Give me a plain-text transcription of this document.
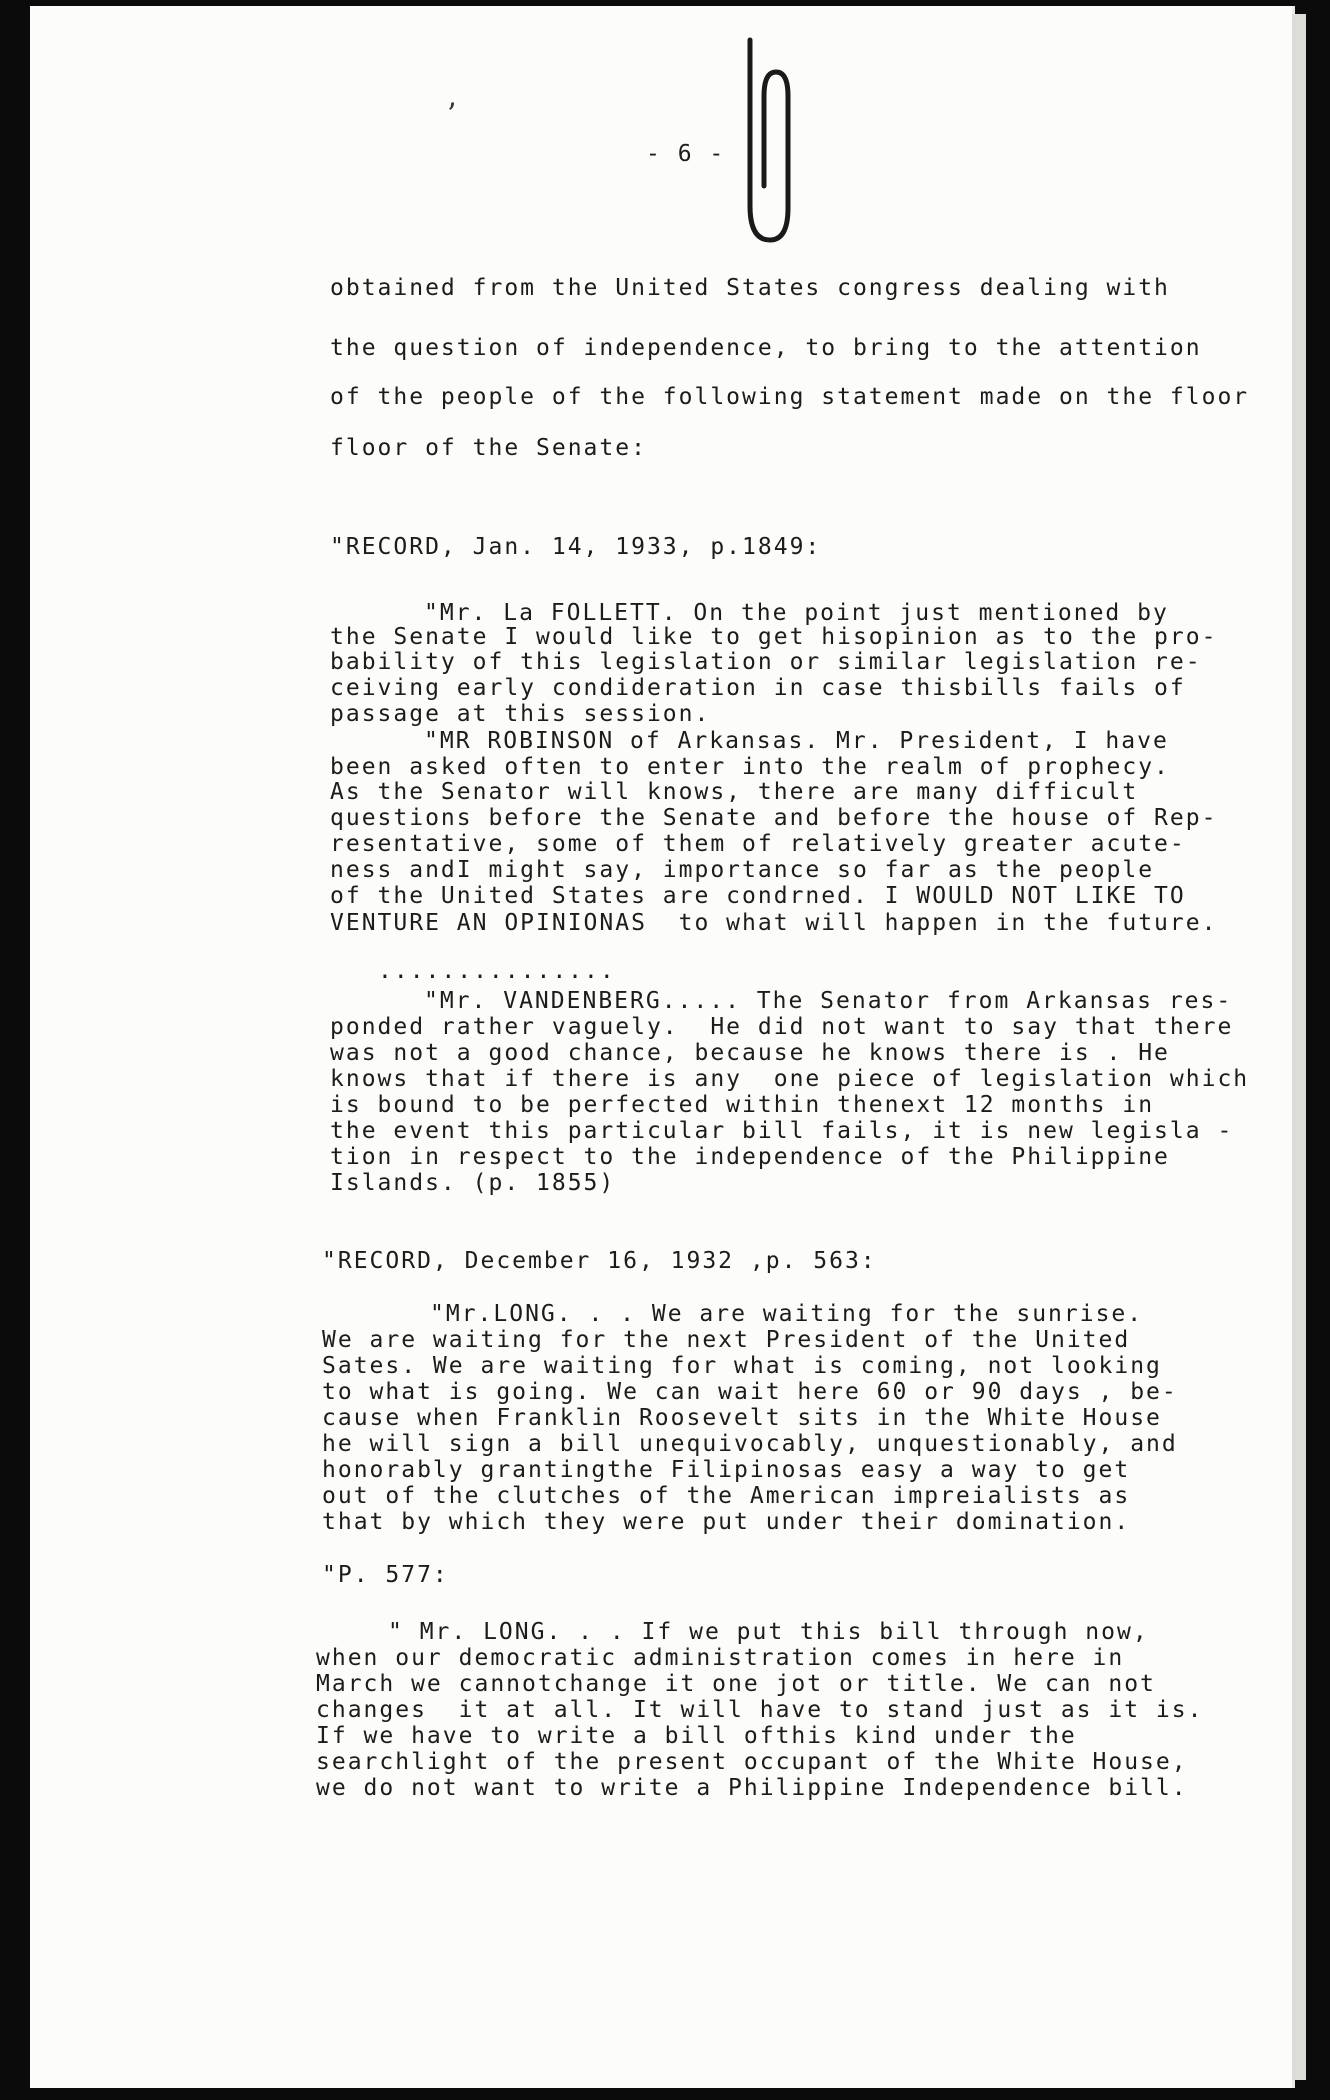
ʼ
- 6 -
obtained from the United States congress dealing with
the question of independence, to bring to the attention
of the people of the following statement made on the floor
floor of the Senate:
"RECORD, Jan. 14, 1933, p.1849:
"Mr. La FOLLETT. On the point just mentioned by
the Senate I would like to get hisopinion as to the pro-
bability of this legislation or similar legislation re-
ceiving early condideration in case thisbills fails of
passage at this session.
"MR ROBINSON of Arkansas. Mr. President, I have
been asked often to enter into the realm of prophecy.
As the Senator will knows, there are many difficult
questions before the Senate and before the house of Rep-
resentative, some of them of relatively greater acute-
ness andI might say, importance so far as the people
of the United States are condrned. I WOULD NOT LIKE TO
VENTURE AN OPINIONAS  to what will happen in the future.
...............
"Mr. VANDENBERG..... The Senator from Arkansas res-
ponded rather vaguely.  He did not want to say that there
was not a good chance, because he knows there is . He
knows that if there is any  one piece of legislation which
is bound to be perfected within thenext 12 months in
the event this particular bill fails, it is new legisla -
tion in respect to the independence of the Philippine
Islands. (p. 1855)
"RECORD, December 16, 1932 ,p. 563:
"Mr.LONG. . . We are waiting for the sunrise.
We are waiting for the next President of the United
Sates. We are waiting for what is coming, not looking
to what is going. We can wait here 60 or 90 days , be-
cause when Franklin Roosevelt sits in the White House
he will sign a bill unequivocably, unquestionably, and
honorably grantingthe Filipinosas easy a way to get
out of the clutches of the American impreialists as
that by which they were put under their domination.
"P. 577:
" Mr. LONG. . . If we put this bill through now,
when our democratic administration comes in here in
March we cannotchange it one jot or title. We can not
changes  it at all. It will have to stand just as it is.
If we have to write a bill ofthis kind under the
searchlight of the present occupant of the White House,
we do not want to write a Philippine Independence bill.
